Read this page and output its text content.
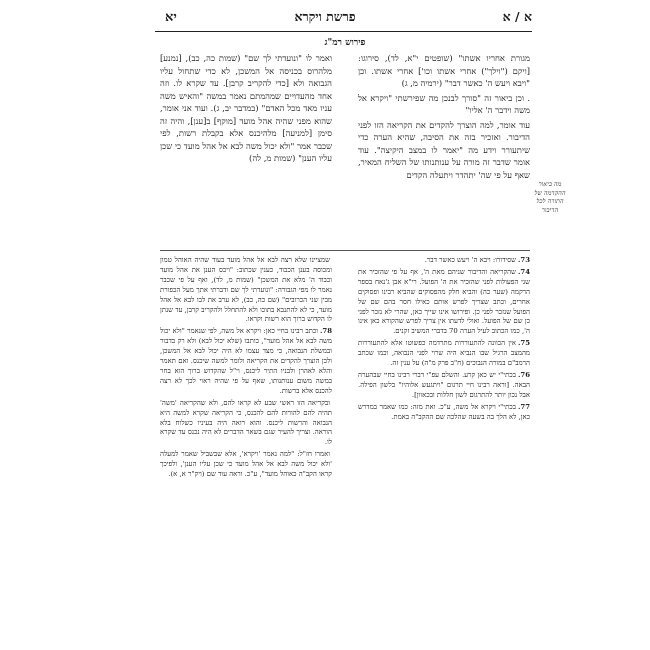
יא	פרשת ויקרא	א / א
פירוש רמ"ג

מגורת אחריו אשתו" (שופטים י"א, לד), סירוגו: [ויקם ("וילך") אחרי אשתו וכו'] אחרי אשתו. וכן "ויבא ויעש ה' כאשר דבר" (ירמיה מ, ג)

. וכן ביאור זה "סורך לבנכן מה שפירשתי "ויקרא אל משה וידבר ה' אליו"

עוד אומר, למה הוצרך להקדים את הקריאה הזו לפני הדיבור. ואזכיר בזה את הסיבה, שהיא הערה כדי שיתעורר וידע מה "יאמר לו במצב היקיצה". עוד אומר שדבר זה מורה על ענותנותו של השליח המאיר, שאף על פי שה' יתהדר ויתעלה הקדים

ואמר לו "ונועדתי לך שם" (שמות כה, כב), [נמנע] מלהרוס בכניסה אל המשכן, לא כדי שתחול עליו הגבואה ולא [כדי להקריב קרבן]. עד שקרא לו. וזה אחד מהעדויים שמהמתם נאמר במשה "והאיש משה עניו מאד מכל האדם" (במדבר יב, ג). ועוד אני אומר, שהוא מפני שהיה אהל מועד [מוקף] ב[ענן], והיה זה סימן [למניעה] מלהיכנס אלא בקבלת רשות, לפי שכבר אמר "ולא יכול משה לבא אל אהל מועד כי שכן עליו הענן" (שמות מ, לה)

מה ביאור ההקדמה של התורה לכל הדיבור

73.שסידורו: ויבא ה' ויעש כאשר דבר.

74.שהקריאה והדיבור שניהם מאת ה', אף על פי שהזכיר את שני הפעולות לפני שהזכיר את ה' הפועל. רי"א אבן ג'נאח בספר הרקמה (שער כה) והביא חלק מהפסוקים שהביא רבינו ופסוקים אחרים, וכתב שצריך לפרש אותם כאילו חסר בהם שם של הפועל שנזכר לפני כן. ופירושו אינו שייך כאן, שהרי לא נזכר לפני כן שם של הפועל. ואולי לדעתו אין צריך לפרש שהקורא כאן אינו ה', כמו הכתוב לעיל הערה 70 בדברי המשיב זקנים.

75.אין הכוונה להתעוררות מתרדמה כפשוטו אלא להתעוררות מהמצב הרגיל שבו הנביא היה שרוי לפני הנבואה, וכמו שכתב הרמב"ם במורה הנבוכים (ח"ב פרק מ"ה) על ענין זה.

76.בכתי"י יש כאן קרע. והשלם עפ"י דברי רבינו בחיי שבהערה הבאה. [וראה רבינו חיי תרגום "ויתגעש אלוהיו" בלשון הפילה. אבל נכון יותר להתרגום לשון חללות ובכאוון].

77.בכתי"י ויקרא אל משה, ע"כ. ואת מזה: כמו שאמר במדרש כאן, לא הלך בה בשעה שהלכה שם ההקב"ה באמת.

שמציינו שלא רצה לבא אל אהל מועד בעוד שהיה האוהל טמון ומכוסה בענן הכבוד, כענין שכתוב: "ויכס הענן את אהל מועד וכבוד ה' מלא את המשכן" (שמות מ, לד), ואף על פי שכבר נאמר לו מפי הגבורה: "ונועדתי לך שם ודברתי אתך מעל הכפורת מבין שני הכרובים" (שם כה, כב), לא ערב את לבו לבא אל אהל מועד, כי לא להתנבא בתוכו ולא להתחלל ולהקריב קרבן, עד שנתן לו הקדוש ברוך הוא רשות וקראו.

78.וכתב רבינו בחיי כאן: ויקרא אל משה, לפי שנאמר "ולא יכול משה לבא אל אהל מועד", כותבו (שלא יכול לבא) ולא רק בדבור ובמשלת הנבואה, כי מצד עצמו לא היה יכול לבא אל המשכן, ולכן הוצרך להקדים את הקריאה ולומר למשה שיכנס. ואם תאמר והלא לאהרן ולבניו התיר ליכנס, וי"ל שהקדוש ברוך הוא בחר במשה משום ענותנותו, שאף על פי שהיה ראוי לכך לא רצה להכנס אלא ברשות.

ובקריאה הזו ראשי שבע לא קראו להם, ולא שהקריאה 'משה' תהיה להם להורות להם להכנס, כי הקריאה שקרא למשה היא הנבואה והרשות ליכנס. והוא רואה היה בעיניו כשלוח בלא הוראה. וצריך להעיר שגם בשאר הדברים לא היה נכנס עד שקרא לו.

ואמרו חז"ל: "למה נאמר 'ויקרא', אלא שבשביל שאמר למעלה 'ולא יכול משה לבא אל אהל מועד כי שכן עליו הענן', ולפיכך קראו הקב"ה כאוהל מועד", ע"כ. וראה עוד שם (ויק"ר א, א).
